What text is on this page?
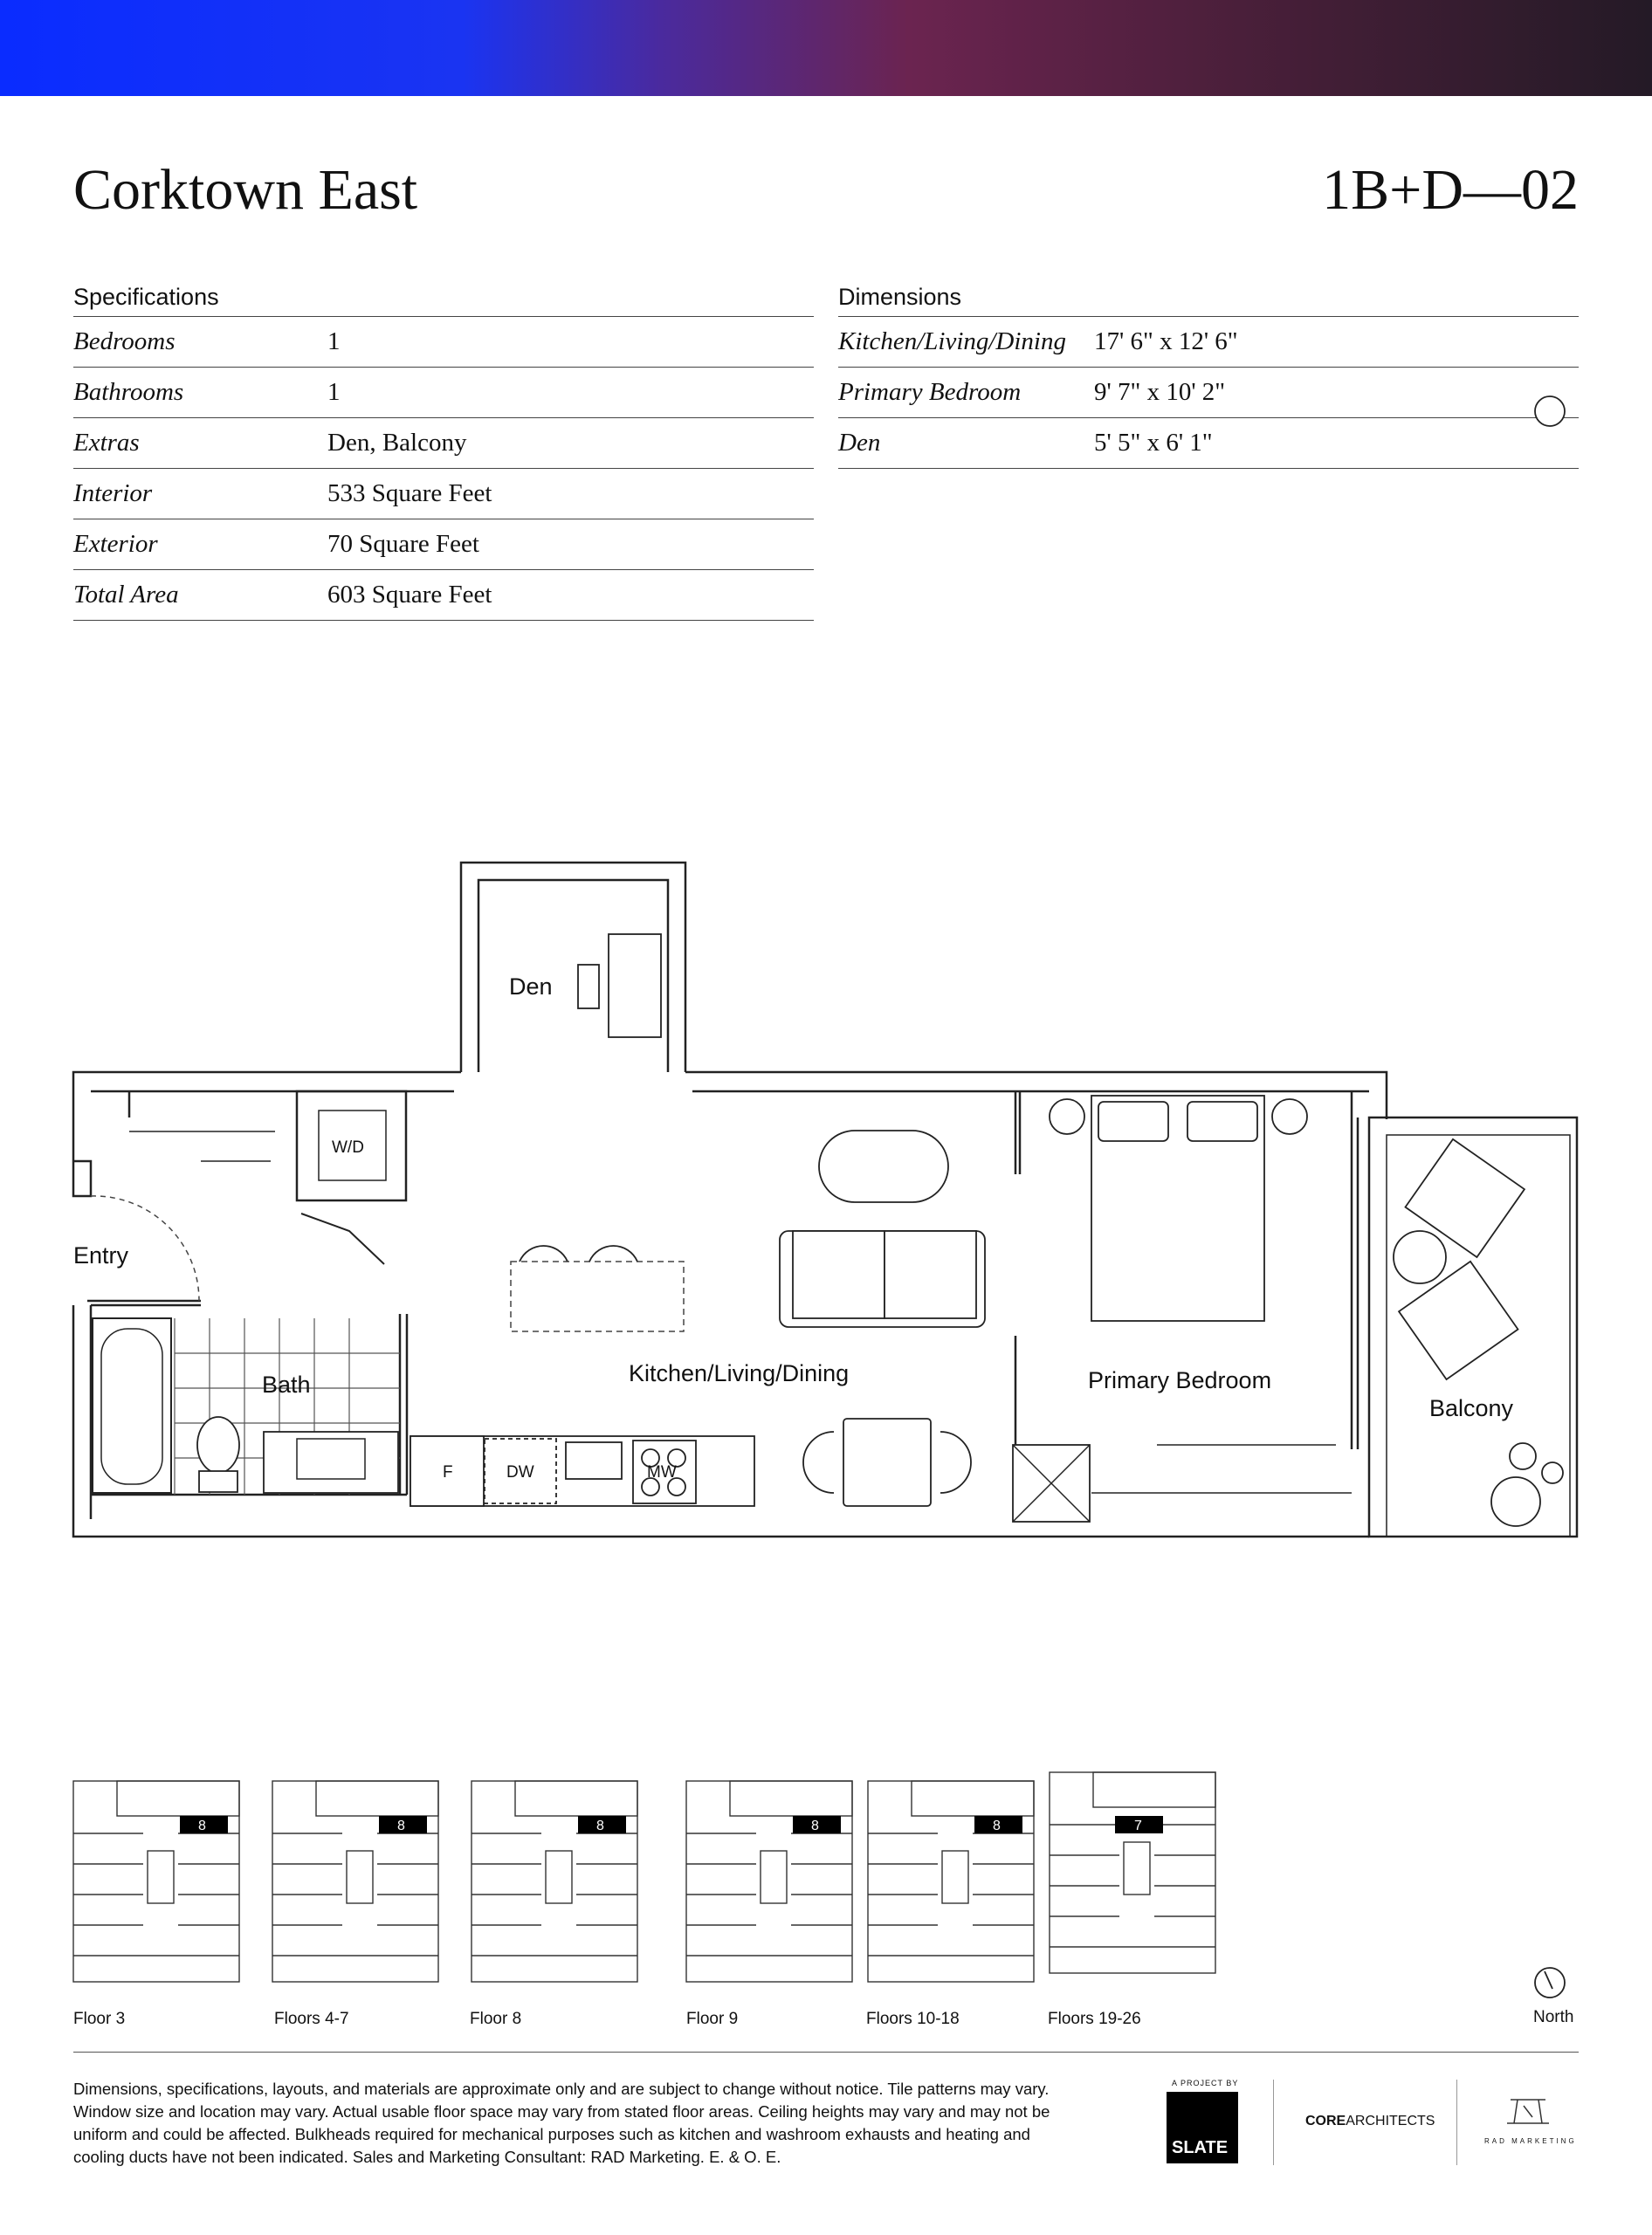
Corktown East	1B+D—02
Specifications
Bedrooms	1
Bathrooms	1
Extras	Den, Balcony
Interior	533 Square Feet
Exterior	70 Square Feet
Total Area	603 Square Feet
Dimensions
Kitchen/Living/Dining	17' 6" x 12' 6"
Primary Bedroom	9' 7" x 10' 2"
Den	5' 5" x 6' 1"
Den
Entry
Bath	Kitchen/Living/Dining	Primary Bedroom
Balcony
W/D
F	DW	MW
8	8	8	8	8	7
Floor 3	Floors 4-7	Floor 8	Floor 9	Floors 10-18	Floors 19-26	North
Dimensions, specifications, layouts, and materials are approximate only and are subject to change without notice. Tile patterns may vary. Window size and location may vary. Actual usable floor space may vary from stated floor areas. Ceiling heights may vary and may not be uniform and could be affected. Bulkheads required for mechanical purposes such as kitchen and washroom exhausts and heating and cooling ducts have not been indicated. Sales and Marketing Consultant: RAD Marketing. E. & O. E.
A PROJECT BY
SLATE
COREARCHITECTS
RAD MARKETING
